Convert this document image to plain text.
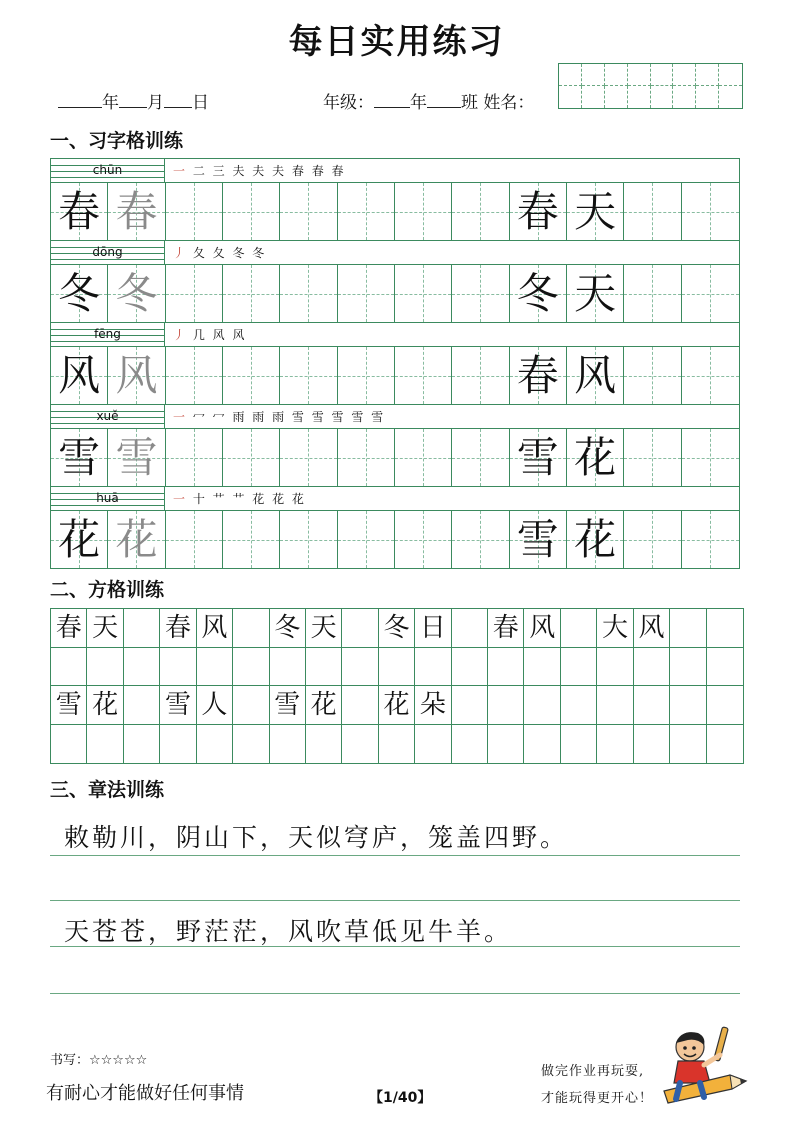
每日实用练习
年 月 日	年级： 年 班 姓名：
一、习字格训练
chūn	一 二 三 夫 夫 夫 春 春 春
春 春	春 天
dōng	丿 夂 夂 冬 冬
冬 冬	冬 天
fēng	丿 几 风 风
风 风	春 风
xuě	一 冖 冖 雨 雨 雨 雪 雪 雪 雪 雪
雪 雪	雪 花
huā	一 十 艹 艹 花 花 花
花 花	雪 花
二、方格训练
春 天 春 风 冬 天 冬 日 春 风 大 风
雪 花 雪 人 雪 花 花 朵
三、章法训练
敕勒川，阴山下，天似穹庐，笼盖四野。
天苍苍，野茫茫，风吹草低见牛羊。
书写：☆☆☆☆☆
有耐心才能做好任何事情	【1/40】
做完作业再玩耍,
才能玩得更开心！
